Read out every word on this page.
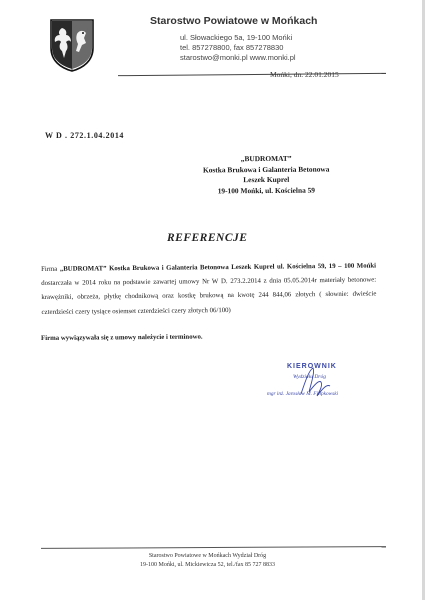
Starostwo Powiatowe w Mońkach
ul. Słowackiego 5a, 19-100 Mońki
tel. 857278800, fax 857278830
starostwo@monki.pl www.monki.pl
Mońki, dn. 22.01.2015
W D . 272.1.04.2014
„BUDROMAT”
Kostka Brukowa i Galanteria Betonowa
Leszek Kuprel
19-100 Mońki, ul. Kościelna 59
REFERENCJE
Firma „BUDROMAT” Kostka Brukowa i Galanteria Betonowa Leszek Kuprel ul. Kościelna 59, 19 – 100 Mońki dostarczała w 2014 roku na podstawie zawartej umowy Nr W D. 273.2.2014 z dnia 05.05.2014r materiały betonowe: krawężniki, obrzeża, płytkę chodnikową oraz kostkę brukową na kwotę 244 844,06 złotych ( słownie: dwieście czterdzieści czery tysiące osiemset czterdzieści czery złotych 06/100)
Firma wywiązywała się z umowy należycie i terminowo.
KIEROWNIK
Wydziału Dróg
mgr inż. Jarosław M. Filipkowski
Starostwo Powiatowe w Mońkach Wydział Dróg
19-100 Mońki, ul. Mickiewicza 52, tel./fax 85 727 8833
